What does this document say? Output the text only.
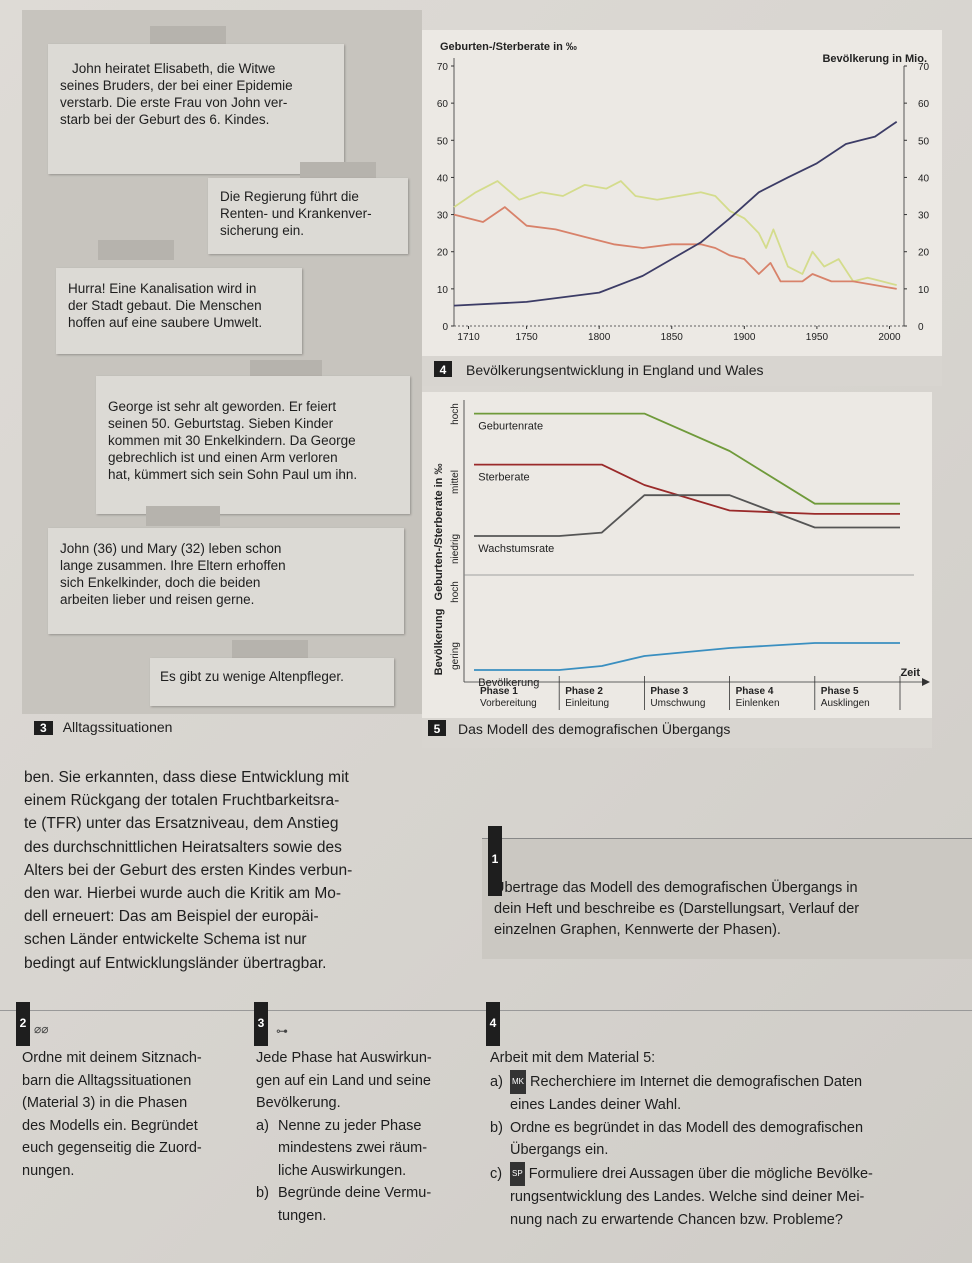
John heiratet Elisabeth, die Witwe
seines Bruders, der bei einer Epidemie
verstarb. Die erste Frau von John ver-
starb bei der Geburt des 6. Kindes.
Die Regierung führt die
Renten- und Krankenver-
sicherung ein.
Hurra! Eine Kanalisation wird in
der Stadt gebaut. Die Menschen
hoffen auf eine saubere Umwelt.
George ist sehr alt geworden. Er feiert
seinen 50. Geburtstag. Sieben Kinder
kommen mit 30 Enkelkindern. Da George
gebrechlich ist und einen Arm verloren
hat, kümmert sich sein Sohn Paul um ihn.
John (36) und Mary (32) leben schon
lange zusammen. Ihre Eltern erhoffen
sich Enkelkinder, doch die beiden
arbeiten lieber und reisen gerne.
Es gibt zu wenige Altenpfleger.
3 Alltagssituationen
Geburten-/Sterberate in ‰
Bevölkerung in Mio.
0
10
20
30
40
50
60
70
0
10
20
30
40
50
60
70
1710	1750	1800	1850	1900	1950	2000
4 Bevölkerungsentwicklung in England und Wales
Geburten-/Sterberate in ‰
hoch
mittel
niedrig
Bevölkerung
hoch
gering
Zeit
Geburtenrate
Sterberate
Wachstumsrate
Bevölkerung
Phase 1
Vorbereitung
Phase 2
Einleitung
Phase 3
Umschwung
Phase 4
Einlenken
Phase 5
Ausklingen
5 Das Modell des demografischen Übergangs
ben. Sie erkannten, dass diese Entwicklung mit
einem Rückgang der totalen Fruchtbarkeitsra-
te (TFR) unter das Ersatzniveau, dem Anstieg
des durchschnittlichen Heiratsalters sowie des
Alters bei der Geburt des ersten Kindes verbun-
den war. Hierbei wurde auch die Kritik am Mo-
dell erneuert: Das am Beispiel der europäi-
schen Länder entwickelte Schema ist nur
bedingt auf Entwicklungsländer übertragbar.
1
Übertrage das Modell des demografischen Übergangs in
dein Heft und beschreibe es (Darstellungsart, Verlauf der
einzelnen Graphen, Kennwerte der Phasen).
2 ⌀⌀
Ordne mit deinem Sitznach-
barn die Alltagssituationen
(Material 3) in die Phasen
des Modells ein. Begründet
euch gegenseitig die Zuord-
nungen.
3
⊶
Jede Phase hat Auswirkun-
gen auf ein Land und seine
Bevölkerung.
a) Nenne zu jeder Phase
mindestens zwei räum-
liche Auswirkungen.
b) Begründe deine Vermu-
tungen.
4
Arbeit mit dem Material 5:
a) MK Recherchiere im Internet die demografischen Daten
eines Landes deiner Wahl.
b) Ordne es begründet in das Modell des demografischen
Übergangs ein.
c) SP Formuliere drei Aussagen über die mögliche Bevölke-
rungsentwicklung des Landes. Welche sind deiner Mei-
nung nach zu erwartende Chancen bzw. Probleme?
